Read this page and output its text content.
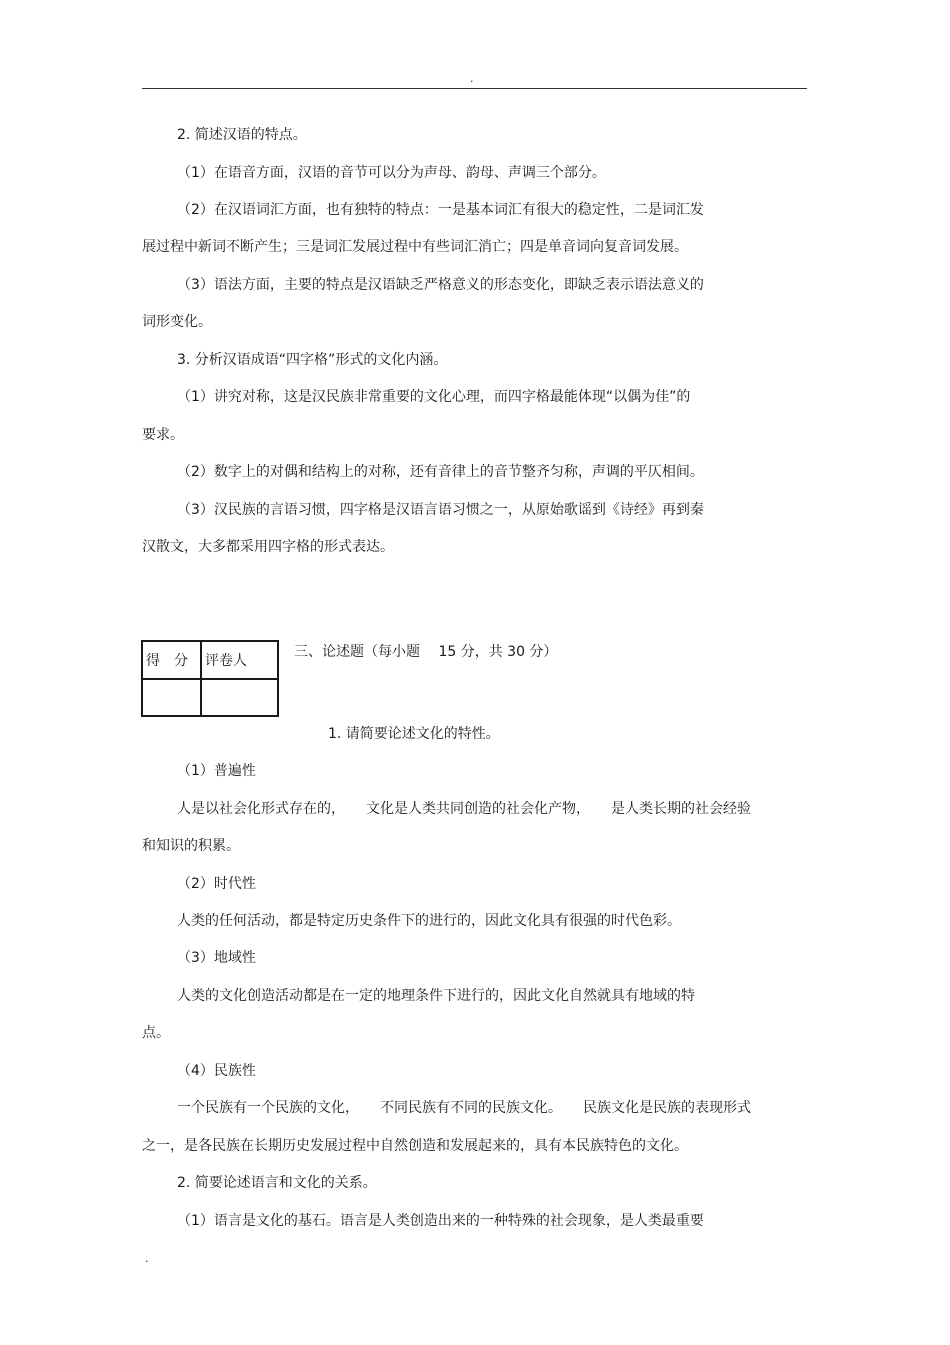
.
2. 简述汉语的特点。
（1）在语音方面，汉语的音节可以分为声母、韵母、声调三个部分。
（2）在汉语词汇方面，也有独特的特点：一是基本词汇有很大的稳定性，二是词汇发
展过程中新词不断产生；三是词汇发展过程中有些词汇消亡；四是单音词向复音词发展。
（3）语法方面，主要的特点是汉语缺乏严格意义的形态变化，即缺乏表示语法意义的
词形变化。
3. 分析汉语成语“四字格”形式的文化内涵。
（1）讲究对称，这是汉民族非常重要的文化心理，而四字格最能体现“以偶为佳”的
要求。
（2）数字上的对偶和结构上的对称，还有音律上的音节整齐匀称，声调的平仄相间。
（3）汉民族的言语习惯，四字格是汉语言语习惯之一，从原始歌谣到《诗经》再到秦
汉散文，大多都采用四字格的形式表达。
得　分	评卷人

三、论述题（每小题　 15 分，共 30 分）
1. 请简要论述文化的特性。
（1）普遍性
人是以社会化形式存在的，　　文化是人类共同创造的社会化产物，　　是人类长期的社会经验
和知识的积累。
（2）时代性
人类的任何活动，都是特定历史条件下的进行的，因此文化具有很强的时代色彩。
（3）地域性
人类的文化创造活动都是在一定的地理条件下进行的，因此文化自然就具有地域的特
点。
（4）民族性
一个民族有一个民族的文化，　　不同民族有不同的民族文化。　　民族文化是民族的表现形式
之一，是各民族在长期历史发展过程中自然创造和发展起来的，具有本民族特色的文化。
2. 简要论述语言和文化的关系。
（1）语言是文化的基石。语言是人类创造出来的一种特殊的社会现象，是人类最重要
.
